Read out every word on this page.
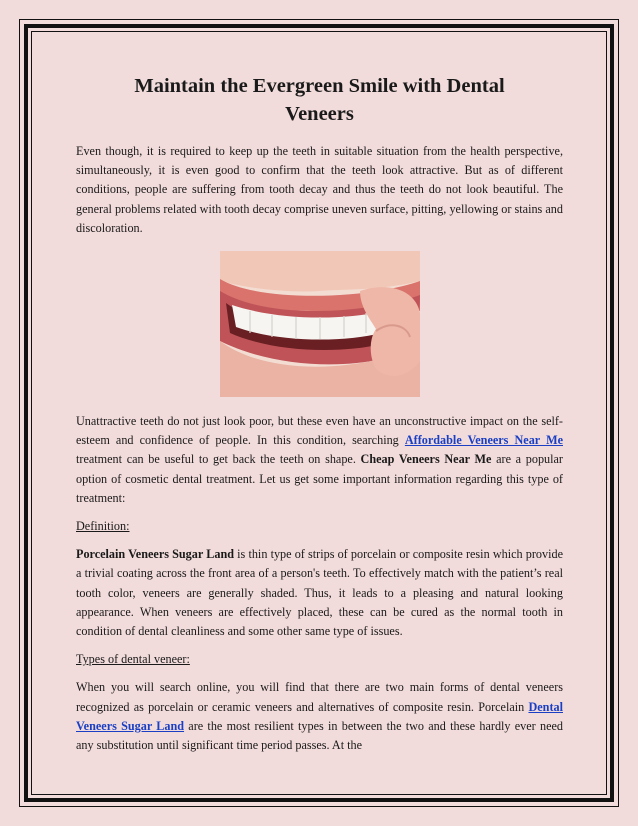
Maintain the Evergreen Smile with Dental Veneers

Even though, it is required to keep up the teeth in suitable situation from the health perspective, simultaneously, it is even good to confirm that the teeth look attractive. But as of different conditions, people are suffering from tooth decay and thus the teeth do not look beautiful. The general problems related with tooth decay comprise uneven surface, pitting, yellowing or stains and discoloration.

Unattractive teeth do not just look poor, but these even have an unconstructive impact on the self-esteem and confidence of people. In this condition, searching Affordable Veneers Near Me treatment can be useful to get back the teeth on shape. Cheap Veneers Near Me are a popular option of cosmetic dental treatment. Let us get some important information regarding this type of treatment:

Definition:

Porcelain Veneers Sugar Land is thin type of strips of porcelain or composite resin which provide a trivial coating across the front area of a person's teeth. To effectively match with the patient’s real tooth color, veneers are generally shaded. Thus, it leads to a pleasing and natural looking appearance. When veneers are effectively placed, these can be cured as the normal tooth in condition of dental cleanliness and some other same type of issues.

Types of dental veneer:

When you will search online, you will find that there are two main forms of dental veneers recognized as porcelain or ceramic veneers and alternatives of composite resin. Porcelain Dental Veneers Sugar Land are the most resilient types in between the two and these hardly ever need any substitution until significant time period passes. At the
